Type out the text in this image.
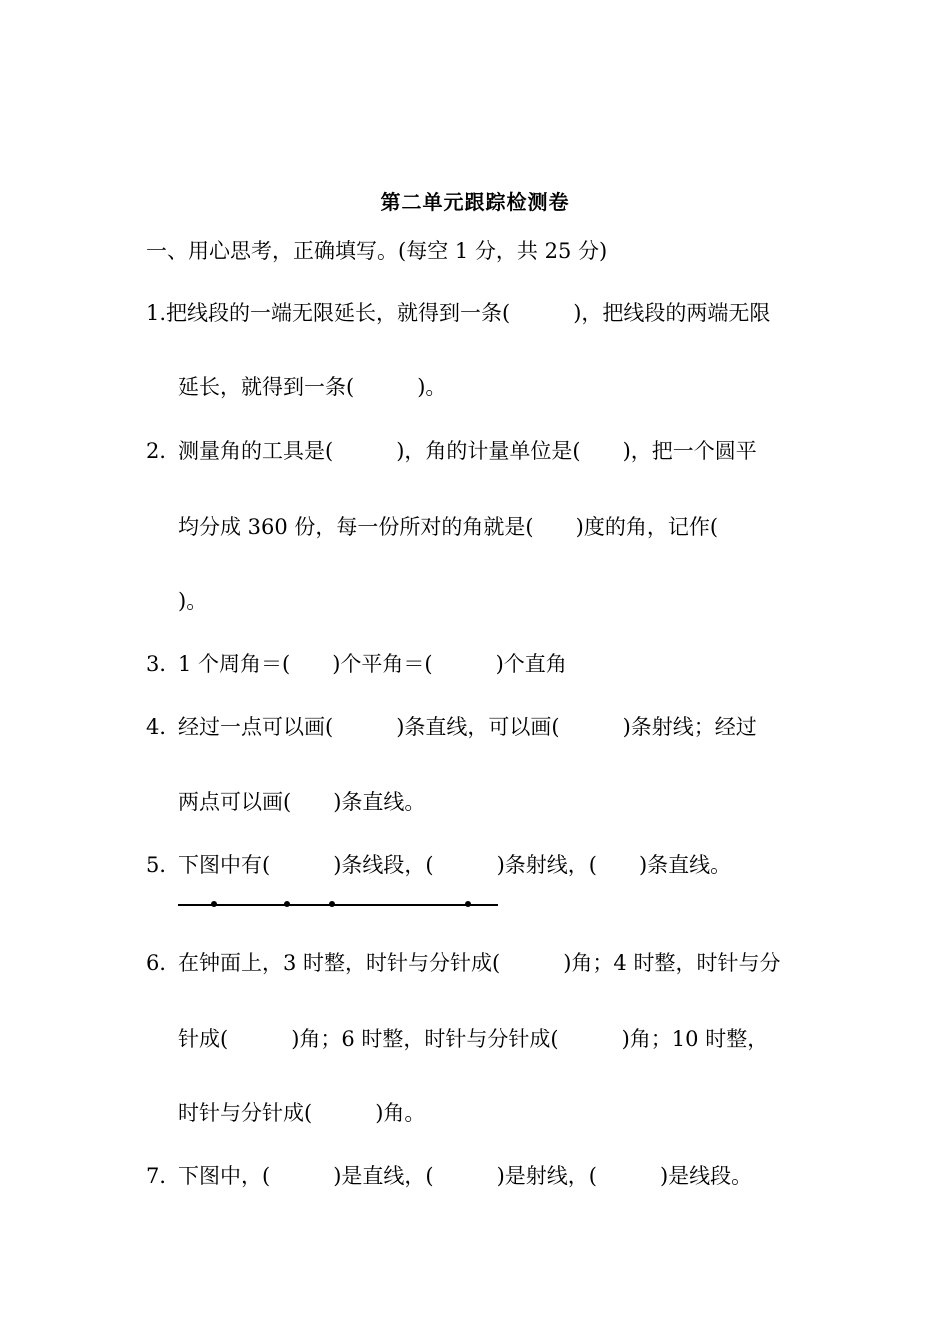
第二单元跟踪检测卷
一、用心思考，正确填写。(每空 1 分，共 25 分)
1.把线段的一端无限延长，就得到一条(　　　)，把线段的两端无限
延长，就得到一条(　　　)。
2．
测量角的工具是(　　　)，角的计量单位是(　　)，把一个圆平
均分成 360 份，每一份所对的角就是(　　)度的角，记作(
)。
3．
1 个周角＝(　　)个平角＝(　　　)个直角
4．
经过一点可以画(　　　)条直线，可以画(　　　)条射线；经过
两点可以画(　　)条直线。
5．
下图中有(　　　)条线段，(　　　)条射线，(　　)条直线。
6．
在钟面上，3 时整，时针与分针成(　　　)角；4 时整，时针与分
针成(　　　)角；6 时整，时针与分针成(　　　)角；10 时整，
时针与分针成(　　　)角。
7．
下图中，(　　　)是直线，(　　　)是射线，(　　　)是线段。
